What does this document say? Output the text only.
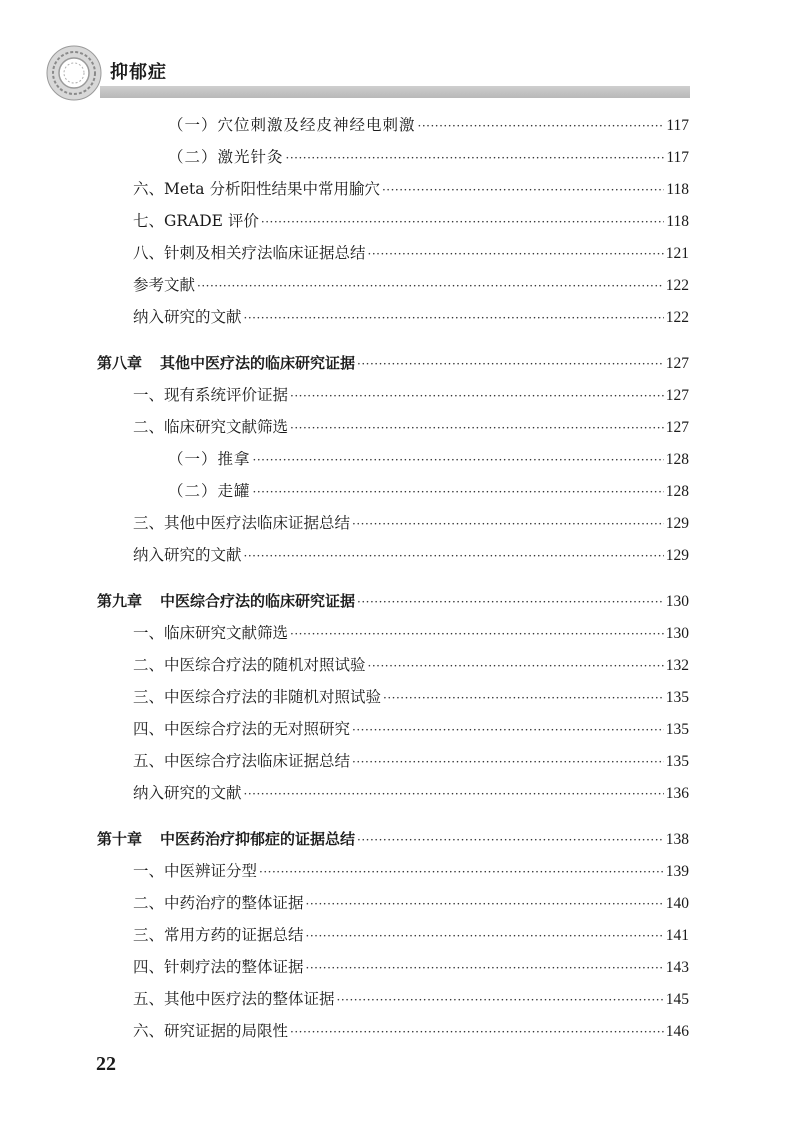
抑郁症
（一）穴位刺激及经皮神经电刺激 ·····	117
（二）激光针灸 ·····	117
六、Meta 分析阳性结果中常用腧穴 ·····	118
七、GRADE 评价 ·····	118
八、针刺及相关疗法临床证据总结 ·····	121
参考文献 ·····	122
纳入研究的文献 ·····	122
第八章 其他中医疗法的临床研究证据 ·····	127
一、现有系统评价证据 ·····	127
二、临床研究文献筛选 ·····	127
（一）推拿 ·····	128
（二）走罐 ·····	128
三、其他中医疗法临床证据总结 ·····	129
纳入研究的文献 ·····	129
第九章 中医综合疗法的临床研究证据 ·····	130
一、临床研究文献筛选 ·····	130
二、中医综合疗法的随机对照试验 ·····	132
三、中医综合疗法的非随机对照试验 ·····	135
四、中医综合疗法的无对照研究 ·····	135
五、中医综合疗法临床证据总结 ·····	135
纳入研究的文献 ·····	136
第十章 中医药治疗抑郁症的证据总结 ·····	138
一、中医辨证分型 ·····	139
二、中药治疗的整体证据 ·····	140
三、常用方药的证据总结 ·····	141
四、针刺疗法的整体证据 ·····	143
五、其他中医疗法的整体证据 ·····	145
六、研究证据的局限性 ·····	146
22
